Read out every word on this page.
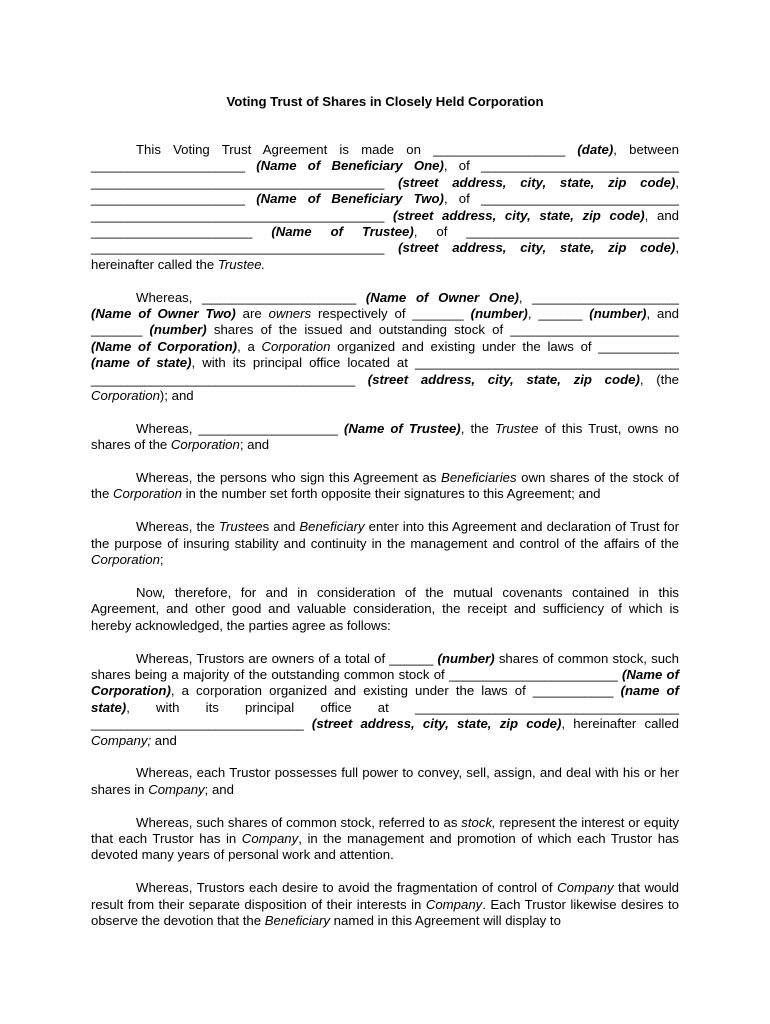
Voting Trust of Shares in Closely Held Corporation

This Voting Trust Agreement is made on __________________ (date), between _____________________ (Name of Beneficiary One), of ___________________________ ________________________________________ (street address, city, state, zip code), _____________________ (Name of Beneficiary Two), of ___________________________ ________________________________________ (street address, city, state, zip code), and ______________________ (Name of Trustee), of _____________________________ ________________________________________ (street address, city, state, zip code), hereinafter called the Trustee.

Whereas, _____________________ (Name of Owner One), ____________________ (Name of Owner Two) are owners respectively of _______ (number), ______ (number), and _______ (number) shares of the issued and outstanding stock of _______________________ (Name of Corporation), a Corporation organized and existing under the laws of ___________ (name of state), with its principal office located at ____________________________________ ____________________________________ (street address, city, state, zip code), (the Corporation); and

Whereas, ___________________ (Name of Trustee), the Trustee of this Trust, owns no shares of the Corporation; and

Whereas, the persons who sign this Agreement as Beneficiaries own shares of the stock of the Corporation in the number set forth opposite their signatures to this Agreement; and

Whereas, the Trustees and Beneficiary enter into this Agreement and declaration of Trust for the purpose of insuring stability and continuity in the management and control of the affairs of the Corporation;

Now, therefore, for and in consideration of the mutual covenants contained in this Agreement, and other good and valuable consideration, the receipt and sufficiency of which is hereby acknowledged, the parties agree as follows:

Whereas, Trustors are owners of a total of ______ (number) shares of common stock, such shares being a majority of the outstanding common stock of _______________________ (Name of Corporation), a corporation organized and existing under the laws of ___________ (name of state), with its principal office at ____________________________________ _____________________________ (street address, city, state, zip code), hereinafter called Company; and

Whereas, each Trustor possesses full power to convey, sell, assign, and deal with his or her shares in Company; and

Whereas, such shares of common stock, referred to as stock, represent the interest or equity that each Trustor has in Company, in the management and promotion of which each Trustor has devoted many years of personal work and attention.

Whereas, Trustors each desire to avoid the fragmentation of control of Company that would result from their separate disposition of their interests in Company. Each Trustor likewise desires to observe the devotion that the Beneficiary named in this Agreement will display to
